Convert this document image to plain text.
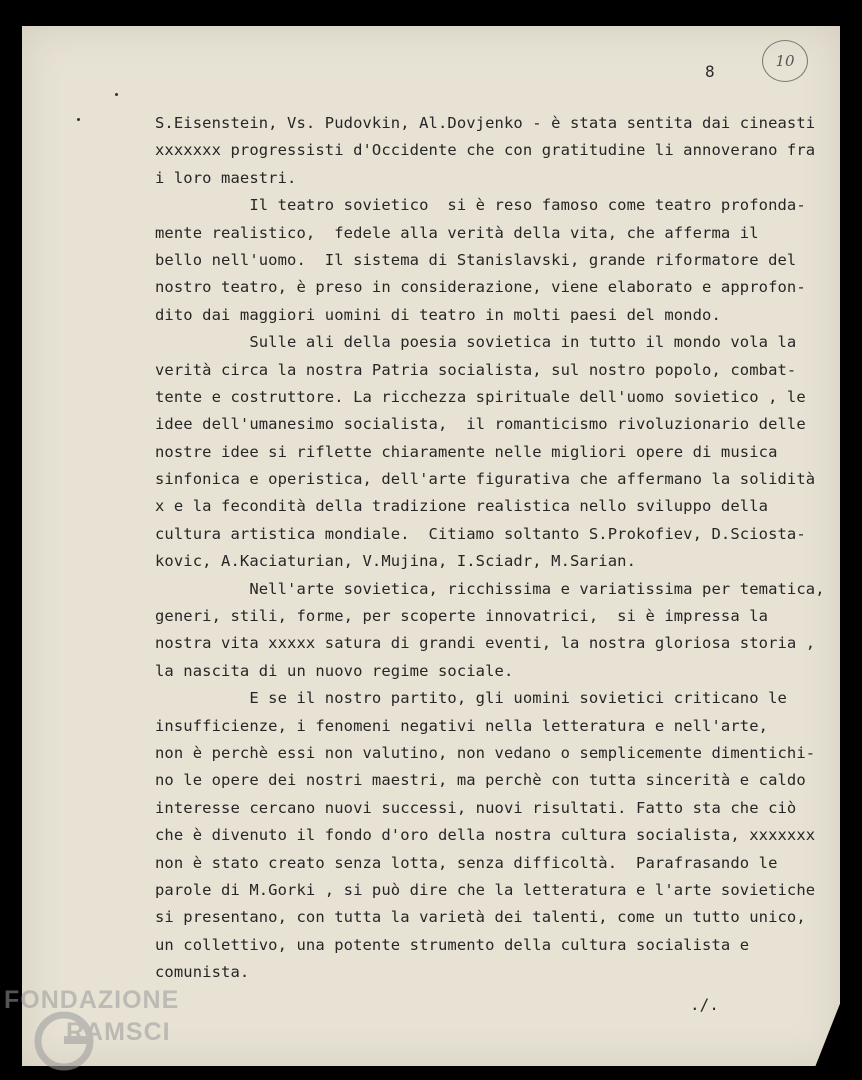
8
10
S.Eisenstein, Vs. Pudovkin, Al.Dovjenko - è stata sentita dai cineasti
xxxxxxx progressisti d'Occidente che con gratitudine li annoverano fra
i loro maestri.
Il teatro sovietico  si è reso famoso come teatro profonda-
mente realistico,  fedele alla verità della vita, che afferma il
bello nell'uomo.  Il sistema di Stanislavski, grande riformatore del
nostro teatro, è preso in considerazione, viene elaborato e approfon-
dito dai maggiori uomini di teatro in molti paesi del mondo.
Sulle ali della poesia sovietica in tutto il mondo vola la
verità circa la nostra Patria socialista, sul nostro popolo, combat-
tente e costruttore. La ricchezza spirituale dell'uomo sovietico , le
idee dell'umanesimo socialista,  il romanticismo rivoluzionario delle
nostre idee si riflette chiaramente nelle migliori opere di musica
sinfonica e operistica, dell'arte figurativa che affermano la solidità
x e la fecondità della tradizione realistica nello sviluppo della
cultura artistica mondiale.  Citiamo soltanto S.Prokofiev, D.Sciosta-
kovic, A.Kaciaturian, V.Mujina, I.Sciadr, M.Sarian.
Nell'arte sovietica, ricchissima e variatissima per tematica,
generi, stili, forme, per scoperte innovatrici,  si è impressa la
nostra vita xxxxx satura di grandi eventi, la nostra gloriosa storia ,
la nascita di un nuovo regime sociale.
E se il nostro partito, gli uomini sovietici criticano le
insufficienze, i fenomeni negativi nella letteratura e nell'arte,
non è perchè essi non valutino, non vedano o semplicemente dimentichi-
no le opere dei nostri maestri, ma perchè con tutta sincerità e caldo
interesse cercano nuovi successi, nuovi risultati. Fatto sta che ciò
che è divenuto il fondo d'oro della nostra cultura socialista, xxxxxxx
non è stato creato senza lotta, senza difficoltà.  Parafrasando le
parole di M.Gorki , si può dire che la letteratura e l'arte sovietiche
si presentano, con tutta la varietà dei talenti, come un tutto unico,
un collettivo, una potente strumento della cultura socialista e
comunista.
./.
FONDAZIONE
RAMSCI
